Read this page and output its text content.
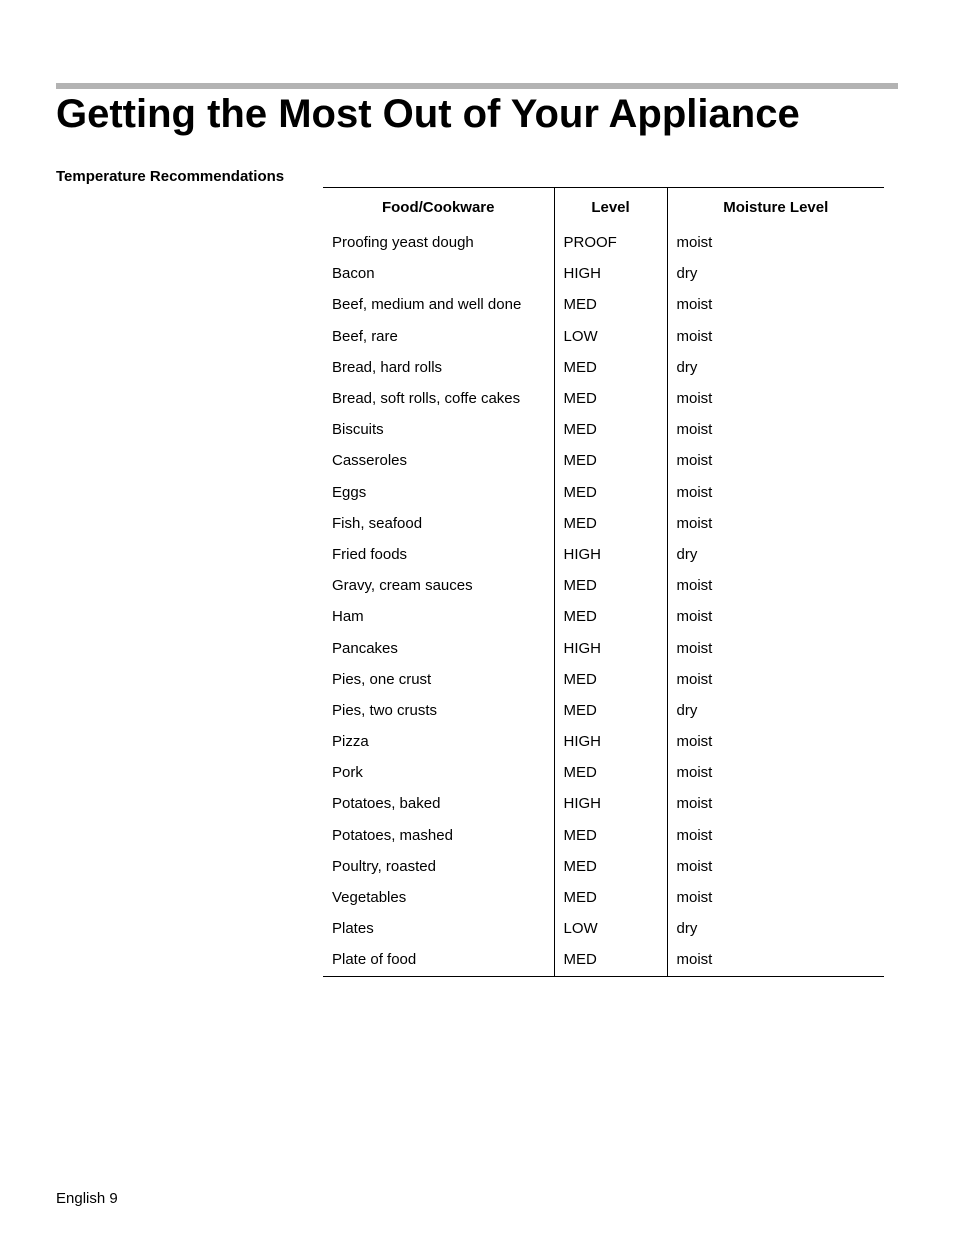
Getting the Most Out of Your Appliance
Temperature Recommendations
Food/Cookware	Level	Moisture Level
Proofing yeast dough	PROOF	moist
Bacon	HIGH	dry
Beef, medium and well done	MED	moist
Beef, rare	LOW	moist
Bread, hard rolls	MED	dry
Bread, soft rolls, coffe cakes	MED	moist
Biscuits	MED	moist
Casseroles	MED	moist
Eggs	MED	moist
Fish, seafood	MED	moist
Fried foods	HIGH	dry
Gravy, cream sauces	MED	moist
Ham	MED	moist
Pancakes	HIGH	moist
Pies, one crust	MED	moist
Pies, two crusts	MED	dry
Pizza	HIGH	moist
Pork	MED	moist
Potatoes, baked	HIGH	moist
Potatoes, mashed	MED	moist
Poultry, roasted	MED	moist
Vegetables	MED	moist
Plates	LOW	dry
Plate of food	MED	moist
English 9
